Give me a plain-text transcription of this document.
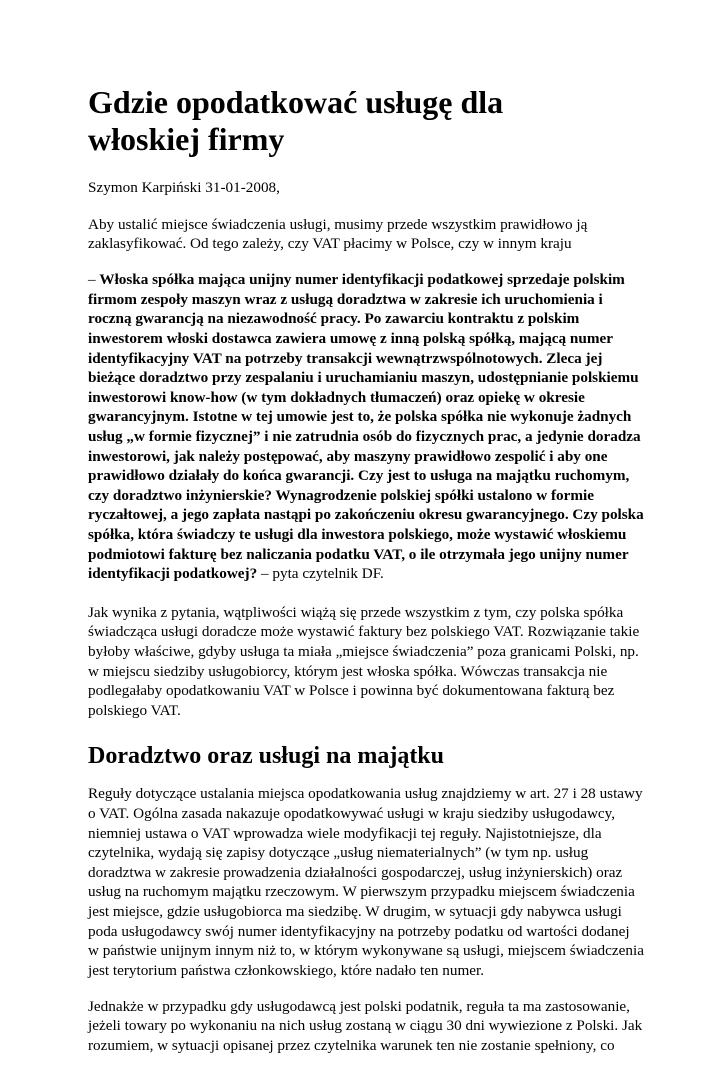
Gdzie opodatkować usługę dla włoskiej firmy

Szymon Karpiński 31-01-2008,

Aby ustalić miejsce świadczenia usługi, musimy przede wszystkim prawidłowo ją zaklasyfikować. Od tego zależy, czy VAT płacimy w Polsce, czy w innym kraju

– Włoska spółka mająca unijny numer identyfikacji podatkowej sprzedaje polskim firmom zespoły maszyn wraz z usługą doradztwa w zakresie ich uruchomienia i roczną gwarancją na niezawodność pracy. Po zawarciu kontraktu z polskim inwestorem włoski dostawca zawiera umowę z inną polską spółką, mającą numer identyfikacyjny VAT na potrzeby transakcji wewnątrzwspólnotowych. Zleca jej bieżące doradztwo przy zespalaniu i uruchamianiu maszyn, udostępnianie polskiemu inwestorowi know-how (w tym dokładnych tłumaczeń) oraz opiekę w okresie gwarancyjnym. Istotne w tej umowie jest to, że polska spółka nie wykonuje żadnych usług „w formie fizycznej” i nie zatrudnia osób do fizycznych prac, a jedynie doradza inwestorowi, jak należy postępować, aby maszyny prawidłowo zespolić i aby one prawidłowo działały do końca gwarancji. Czy jest to usługa na majątku ruchomym, czy doradztwo inżynierskie? Wynagrodzenie polskiej spółki ustalono w formie ryczałtowej, a jego zapłata nastąpi po zakończeniu okresu gwarancyjnego. Czy polska spółka, która świadczy te usługi dla inwestora polskiego, może wystawić włoskiemu podmiotowi fakturę bez naliczania podatku VAT, o ile otrzymała jego unijny numer identyfikacji podatkowej? – pyta czytelnik DF.

Jak wynika z pytania, wątpliwości wiążą się przede wszystkim z tym, czy polska spółka świadcząca usługi doradcze może wystawić faktury bez polskiego VAT. Rozwiązanie takie byłoby właściwe, gdyby usługa ta miała „miejsce świadczenia” poza granicami Polski, np. w miejscu siedziby usługobiorcy, którym jest włoska spółka. Wówczas transakcja nie podlegałaby opodatkowaniu VAT w Polsce i powinna być dokumentowana fakturą bez polskiego VAT.

Doradztwo oraz usługi na majątku

Reguły dotyczące ustalania miejsca opodatkowania usług znajdziemy w art. 27 i 28 ustawy o VAT. Ogólna zasada nakazuje opodatkowywać usługi w kraju siedziby usługodawcy, niemniej ustawa o VAT wprowadza wiele modyfikacji tej reguły. Najistotniejsze, dla czytelnika, wydają się zapisy dotyczące „usług niematerialnych” (w tym np. usług doradztwa w zakresie prowadzenia działalności gospodarczej, usług inżynierskich) oraz usług na ruchomym majątku rzeczowym. W pierwszym przypadku miejscem świadczenia jest miejsce, gdzie usługobiorca ma siedzibę. W drugim, w sytuacji gdy nabywca usługi poda usługodawcy swój numer identyfikacyjny na potrzeby podatku od wartości dodanej w państwie unijnym innym niż to, w którym wykonywane są usługi, miejscem świadczenia jest terytorium państwa członkowskiego, które nadało ten numer.

Jednakże w przypadku gdy usługodawcą jest polski podatnik, reguła ta ma zastosowanie, jeżeli towary po wykonaniu na nich usług zostaną w ciągu 30 dni wywiezione z Polski. Jak rozumiem, w sytuacji opisanej przez czytelnika warunek ten nie zostanie spełniony, co
